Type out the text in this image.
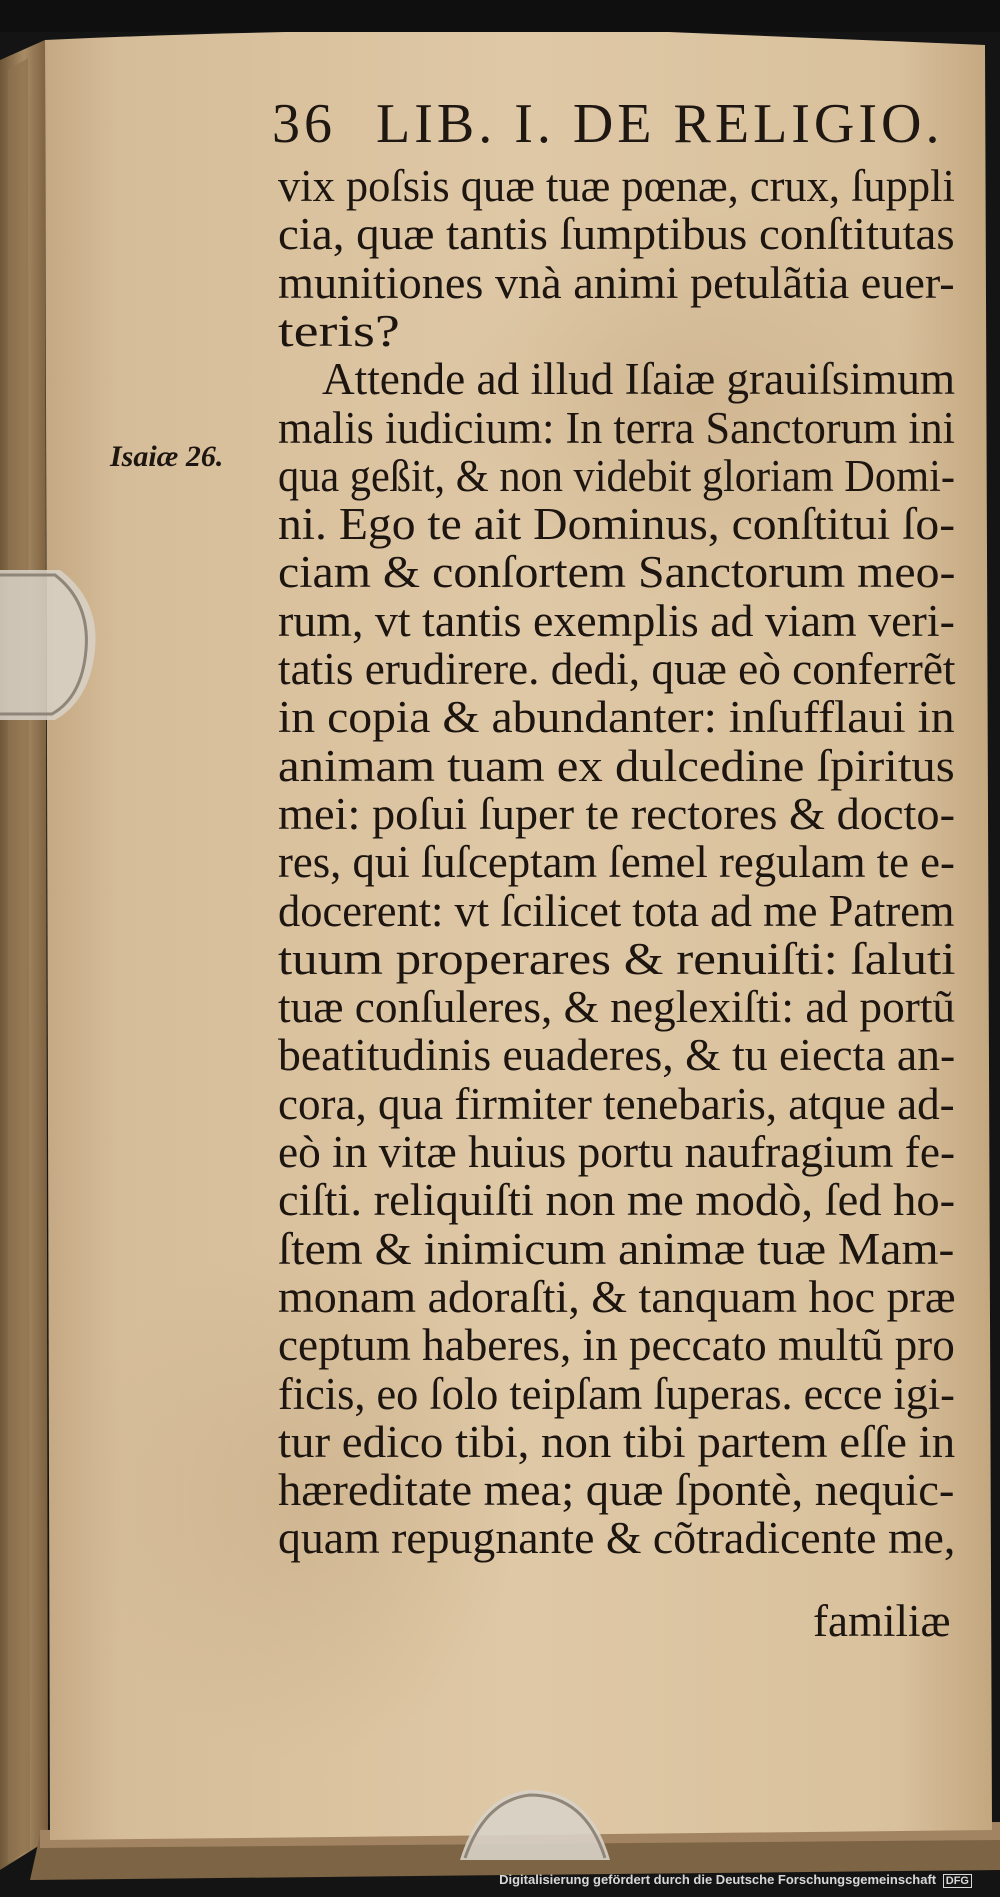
36 LIB. I. DE RELIGIO.
Isaiæ 26.
vix poſsis quæ tuæ pœnæ, crux, ſuppli
cia, quæ tantis ſumptibus conſtitutas
munitiones vnà animi petulãtia euer-
teris?
Attende ad illud Iſaiæ grauiſsimum
malis iudicium: In terra Sanctorum ini
qua geßit, & non videbit gloriam Domi-
ni. Ego te ait Dominus, conſtitui ſo-
ciam & conſortem Sanctorum meo-
rum, vt tantis exemplis ad viam veri-
tatis erudirere. dedi, quæ eò conferrẽt
in copia & abundanter: inſufflaui in
animam tuam ex dulcedine ſpiritus
mei: poſui ſuper te rectores & docto-
res, qui ſuſceptam ſemel regulam te e-
docerent: vt ſcilicet tota ad me Patrem
tuum properares & renuiſti: ſaluti
tuæ conſuleres, & neglexiſti: ad portũ
beatitudinis euaderes, & tu eiecta an-
cora, qua firmiter tenebaris, atque ad-
eò in vitæ huius portu naufragium fe-
ciſti. reliquiſti non me modò, ſed ho-
ſtem & inimicum animæ tuæ Mam-
monam adoraſti, & tanquam hoc præ
ceptum haberes, in peccato multũ pro
ficis, eo ſolo teipſam ſuperas. ecce igi-
tur edico tibi, non tibi partem eſſe in
hæreditate mea; quæ ſpontè, nequic-
quam repugnante & cõtradicente me,
familiæ
Digitalisierung gefördert durch die Deutsche Forschungsgemeinschaft DFG
